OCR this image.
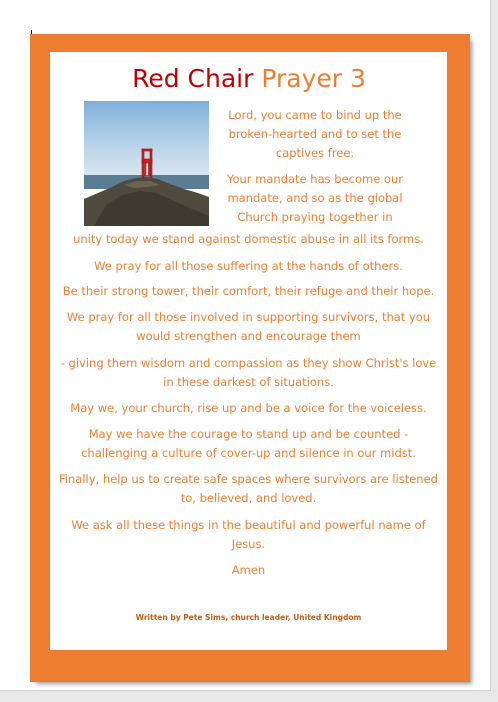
Red Chair Prayer 3

Lord, you came to bind up the broken-hearted and to set the captives free.

Your mandate has become our mandate, and so as the global Church praying together in

unity today we stand against domestic abuse in all its forms.

We pray for all those suffering at the hands of others.

Be their strong tower, their comfort, their refuge and their hope.

We pray for all those involved in supporting survivors, that you would strengthen and encourage them

- giving them wisdom and compassion as they show Christ's love in these darkest of situations.

May we, your church, rise up and be a voice for the voiceless.

May we have the courage to stand up and be counted - challenging a culture of cover-up and silence in our midst.

Finally, help us to create safe spaces where survivors are listened to, believed, and loved.

We ask all these things in the beautiful and powerful name of Jesus.

Amen

Written by Pete Sims, church leader, United Kingdom
